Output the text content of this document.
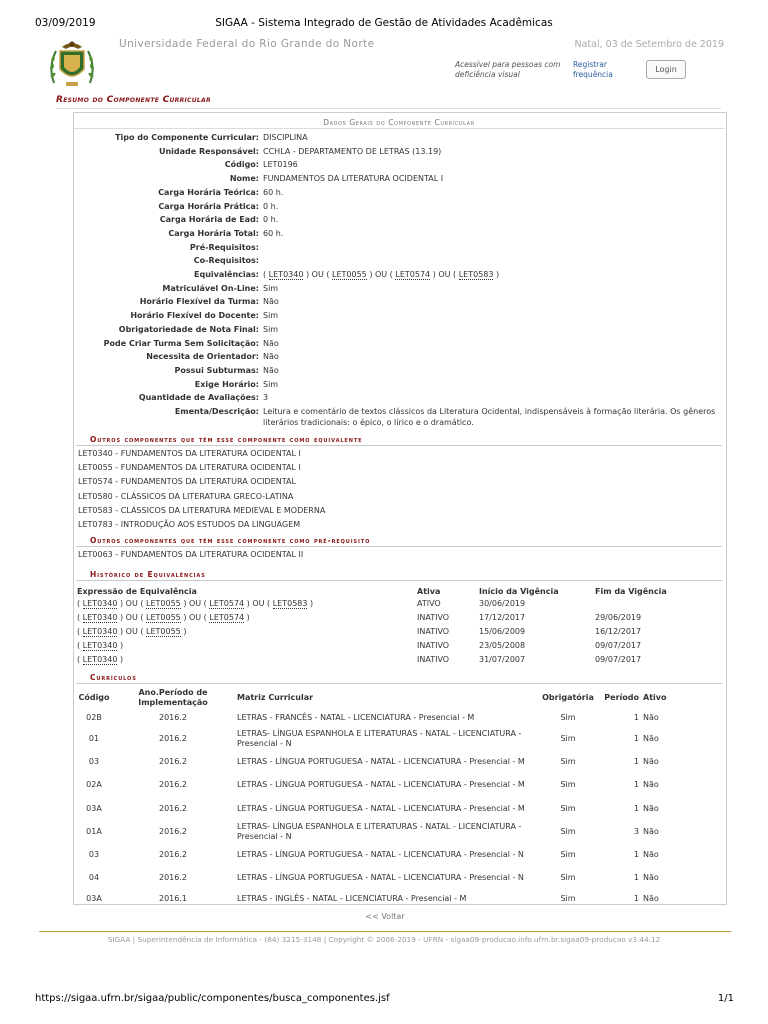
03/09/2019	SIGAA - Sistema Integrado de Gestão de Atividades Acadêmicas
Universidade Federal do Rio Grande do Norte	Natal, 03 de Setembro de 2019
Acessível para pessoas com deficiência visual
Registrar frequência
Login
Resumo do Componente Curricular
Dados Gerais do Componente Curricular
Tipo do Componente Curricular: DISCIPLINA
Unidade Responsável: CCHLA - DEPARTAMENTO DE LETRAS (13.19)
Código: LET0196
Nome: FUNDAMENTOS DA LITERATURA OCIDENTAL I
Carga Horária Teórica: 60 h.
Carga Horária Prática: 0 h.
Carga Horária de Ead: 0 h.
Carga Horária Total: 60 h.
Pré-Requisitos:
Co-Requisitos:
Equivalências: ( LET0340 ) OU ( LET0055 ) OU ( LET0574 ) OU ( LET0583 )
Matriculável On-Line: Sim
Horário Flexível da Turma: Não
Horário Flexível do Docente: Sim
Obrigatoriedade de Nota Final: Sim
Pode Criar Turma Sem Solicitação: Não
Necessita de Orientador: Não
Possui Subturmas: Não
Exige Horário: Sim
Quantidade de Avaliações: 3
Ementa/Descrição: Leitura e comentário de textos clássicos da Literatura Ocidental, indispensáveis à formação literária. Os gêneros literários tradicionais: o épico, o lírico e o dramático.
Outros componentes que têm esse componente como equivalente
LET0340 - FUNDAMENTOS DA LITERATURA OCIDENTAL I
LET0055 - FUNDAMENTOS DA LITERATURA OCIDENTAL I
LET0574 - FUNDAMENTOS DA LITERATURA OCIDENTAL
LET0580 - CLÁSSICOS DA LITERATURA GRECO-LATINA
LET0583 - CLÁSSICOS DA LITERATURA MEDIEVAL E MODERNA
LET0783 - INTRODUÇÃO AOS ESTUDOS DA LINGUAGEM
Outros componentes que têm esse componente como pré-requisito
LET0063 - FUNDAMENTOS DA LITERATURA OCIDENTAL II
Histórico de Equivalências
Expressão de Equivalência	Ativa	Início da Vigência	Fim da Vigência
( LET0340 ) OU ( LET0055 ) OU ( LET0574 ) OU ( LET0583 )	ATIVO	30/06/2019	
( LET0340 ) OU ( LET0055 ) OU ( LET0574 )	INATIVO	17/12/2017	29/06/2019
( LET0340 ) OU ( LET0055 )	INATIVO	15/06/2009	16/12/2017
( LET0340 )	INATIVO	23/05/2008	09/07/2017
( LET0340 )	INATIVO	31/07/2007	09/07/2017
Currículos
Código	Ano.Período de Implementação	Matriz Curricular	Obrigatória	Período	Ativo
02B	2016.2	LETRAS - FRANCÊS - NATAL - LICENCIATURA - Presencial - M	Sim	1	Não
01	2016.2	LETRAS- LÍNGUA ESPANHOLA E LITERATURAS - NATAL - LICENCIATURA - Presencial - N	Sim	1	Não
03	2016.2	LETRAS - LÍNGUA PORTUGUESA - NATAL - LICENCIATURA - Presencial - M	Sim	1	Não
02A	2016.2	LETRAS - LÍNGUA PORTUGUESA - NATAL - LICENCIATURA - Presencial - M	Sim	1	Não
03A	2016.2	LETRAS - LÍNGUA PORTUGUESA - NATAL - LICENCIATURA - Presencial - M	Sim	1	Não
01A	2016.2	LETRAS- LÍNGUA ESPANHOLA E LITERATURAS - NATAL - LICENCIATURA - Presencial - N	Sim	3	Não
03	2016.2	LETRAS - LÍNGUA PORTUGUESA - NATAL - LICENCIATURA - Presencial - N	Sim	1	Não
04	2016.2	LETRAS - LÍNGUA PORTUGUESA - NATAL - LICENCIATURA - Presencial - N	Sim	1	Não
03A	2016.1	LETRAS - INGLÊS - NATAL - LICENCIATURA - Presencial - M	Sim	1	Não
<< Voltar
SIGAA | Superintendência de Informática - (84) 3215-3148 | Copyright © 2006-2019 - UFRN - sigaa09-producao.info.ufrn.br.sigaa09-producao v3.44.12
https://sigaa.ufrn.br/sigaa/public/componentes/busca_componentes.jsf	1/1
